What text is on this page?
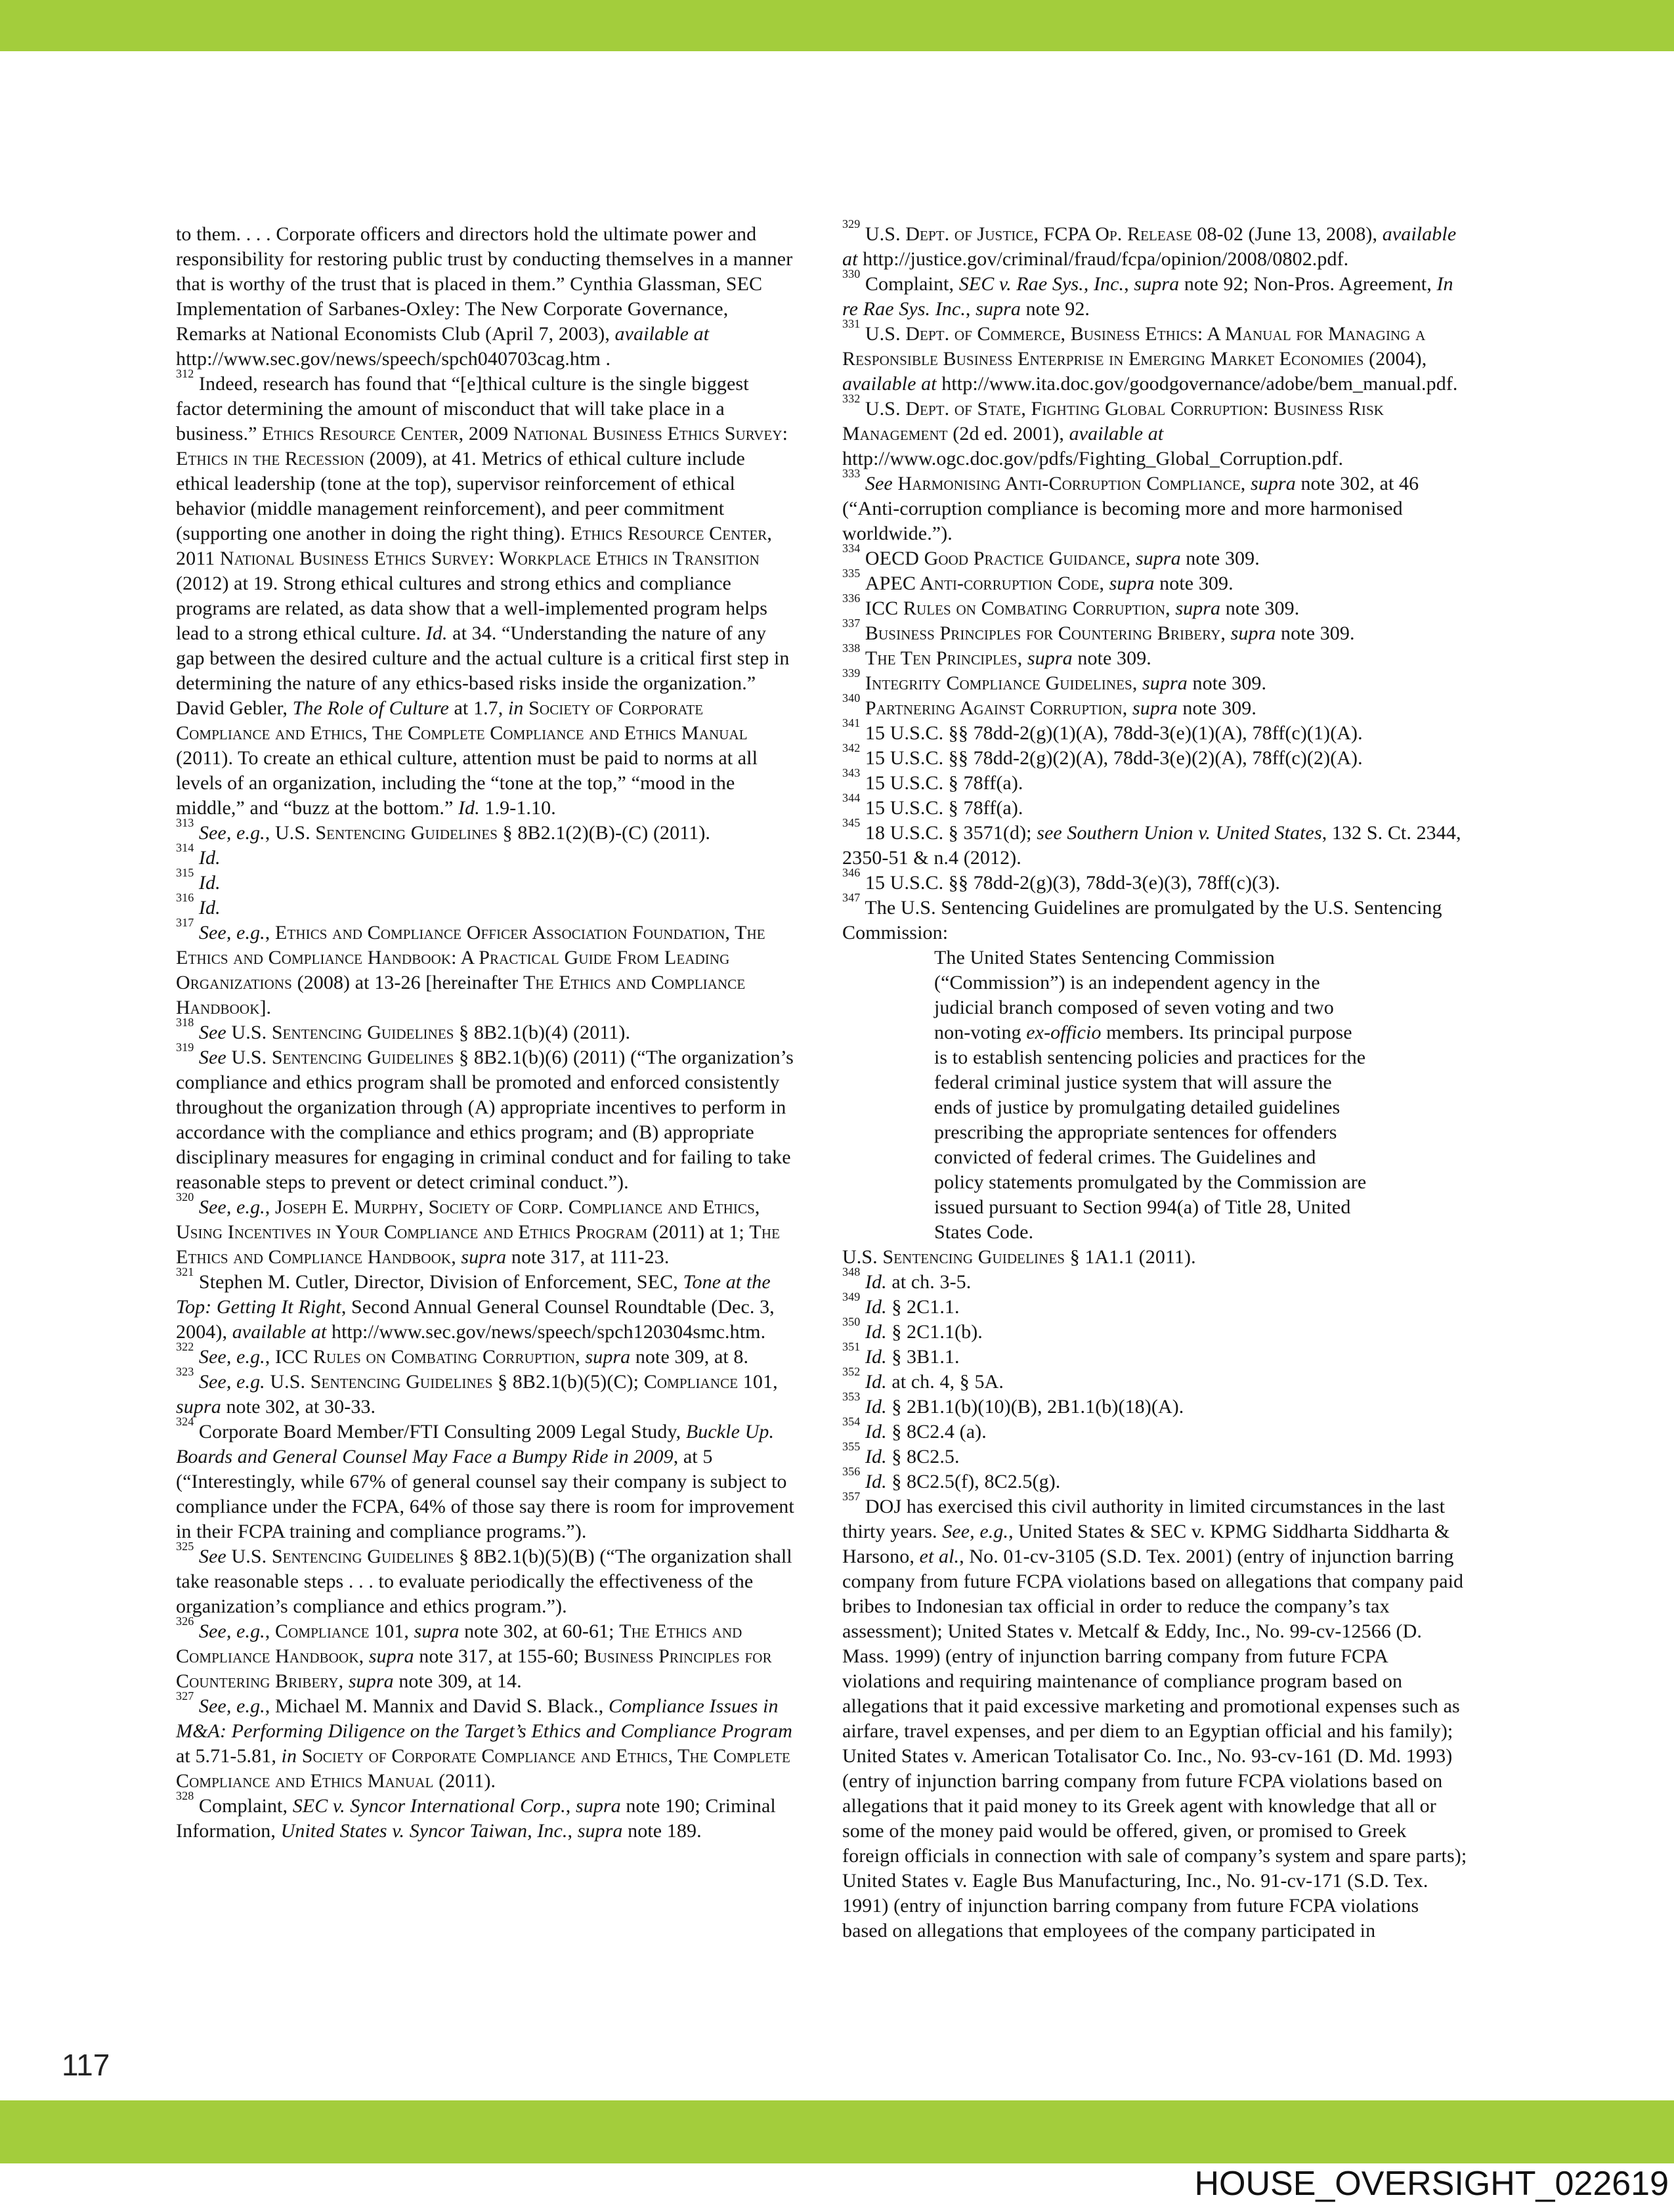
to them. . . . Corporate officers and directors hold the ultimate power and responsibility for restoring public trust by conducting themselves in a manner that is worthy of the trust that is placed in them.” Cynthia Glassman, SEC Implementation of Sarbanes-Oxley: The New Corporate Governance, Remarks at National Economists Club (April 7, 2003), available at http://www.sec.gov/news/speech/spch040703cag.htm .

$^{312}$ Indeed, research has found that “[e]thical culture is the single biggest factor determining the amount of misconduct that will take place in a business.” Ethics Resource Center, 2009 National Business Ethics Survey: Ethics in the Recession (2009), at 41. Metrics of ethical culture include ethical leadership (tone at the top), supervisor reinforcement of ethical behavior (middle management reinforcement), and peer commitment (supporting one another in doing the right thing). Ethics Resource Center, 2011 National Business Ethics Survey: Workplace Ethics in Transition (2012) at 19. Strong ethical cultures and strong ethics and compliance programs are related, as data show that a well-implemented program helps lead to a strong ethical culture. Id. at 34. “Understanding the nature of any gap between the desired culture and the actual culture is a critical first step in determining the nature of any ethics-based risks inside the organization.” David Gebler, The Role of Culture at 1.7, in Society of Corporate Compliance and Ethics, The Complete Compliance and Ethics Manual (2011). To create an ethical culture, attention must be paid to norms at all levels of an organization, including the “tone at the top,” “mood in the middle,” and “buzz at the bottom.” Id. 1.9-1.10.

$^{313}$ See, e.g., U.S. Sentencing Guidelines § 8B2.1(2)(B)-(C) (2011).

$^{314}$ Id.

$^{315}$ Id.

$^{316}$ Id.

$^{317}$ See, e.g., Ethics and Compliance Officer Association Foundation, The Ethics and Compliance Handbook: A Practical Guide From Leading Organizations (2008) at 13-26 [hereinafter The Ethics and Compliance Handbook].

$^{318}$ See U.S. Sentencing Guidelines § 8B2.1(b)(4) (2011).

$^{319}$ See U.S. Sentencing Guidelines § 8B2.1(b)(6) (2011) (“The organization’s compliance and ethics program shall be promoted and enforced consistently throughout the organization through (A) appropriate incentives to perform in accordance with the compliance and ethics program; and (B) appropriate disciplinary measures for engaging in criminal conduct and for failing to take reasonable steps to prevent or detect criminal conduct.”).

$^{320}$ See, e.g., Joseph E. Murphy, Society of Corp. Compliance and Ethics, Using Incentives in Your Compliance and Ethics Program (2011) at 1; The Ethics and Compliance Handbook, supra note 317, at 111-23.

$^{321}$ Stephen M. Cutler, Director, Division of Enforcement, SEC, Tone at the Top: Getting It Right, Second Annual General Counsel Roundtable (Dec. 3, 2004), available at http://www.sec.gov/news/speech/spch120304smc.htm.

$^{322}$ See, e.g., ICC Rules on Combating Corruption, supra note 309, at 8.

$^{323}$ See, e.g. U.S. Sentencing Guidelines § 8B2.1(b)(5)(C); Compliance 101, supra note 302, at 30-33.

$^{324}$ Corporate Board Member/FTI Consulting 2009 Legal Study, Buckle Up. Boards and General Counsel May Face a Bumpy Ride in 2009, at 5 (“Interestingly, while 67% of general counsel say their company is subject to compliance under the FCPA, 64% of those say there is room for improvement in their FCPA training and compliance programs.”).

$^{325}$ See U.S. Sentencing Guidelines § 8B2.1(b)(5)(B) (“The organization shall take reasonable steps . . . to evaluate periodically the effectiveness of the organization’s compliance and ethics program.”).

$^{326}$ See, e.g., Compliance 101, supra note 302, at 60-61; The Ethics and Compliance Handbook, supra note 317, at 155-60; Business Principles for Countering Bribery, supra note 309, at 14.

$^{327}$ See, e.g., Michael M. Mannix and David S. Black., Compliance Issues in M&A: Performing Diligence on the Target’s Ethics and Compliance Program at 5.71-5.81, in Society of Corporate Compliance and Ethics, The Complete Compliance and Ethics Manual (2011).

$^{328}$ Complaint, SEC v. Syncor International Corp., supra note 190; Criminal Information, United States v. Syncor Taiwan, Inc., supra note 189.

$^{329}$ U.S. Dept. of Justice, FCPA Op. Release 08-02 (June 13, 2008), available at http://justice.gov/criminal/fraud/fcpa/opinion/2008/0802.pdf.

$^{330}$ Complaint, SEC v. Rae Sys., Inc., supra note 92; Non-Pros. Agreement, In re Rae Sys. Inc., supra note 92.

$^{331}$ U.S. Dept. of Commerce, Business Ethics: A Manual for Managing a Responsible Business Enterprise in Emerging Market Economies (2004), available at http://www.ita.doc.gov/goodgovernance/adobe/bem_manual.pdf.

$^{332}$ U.S. Dept. of State, Fighting Global Corruption: Business Risk Management (2d ed. 2001), available at http://www.ogc.doc.gov/pdfs/Fighting_Global_Corruption.pdf.

$^{333}$ See Harmonising Anti-Corruption Compliance, supra note 302, at 46 (“Anti-corruption compliance is becoming more and more harmonised worldwide.”).

$^{334}$ OECD Good Practice Guidance, supra note 309.

$^{335}$ APEC Anti-corruption Code, supra note 309.

$^{336}$ ICC Rules on Combating Corruption, supra note 309.

$^{337}$ Business Principles for Countering Bribery, supra note 309.

$^{338}$ The Ten Principles, supra note 309.

$^{339}$ Integrity Compliance Guidelines, supra note 309.

$^{340}$ Partnering Against Corruption, supra note 309.

$^{341}$ 15 U.S.C. §§ 78dd-2(g)(1)(A), 78dd-3(e)(1)(A), 78ff(c)(1)(A).

$^{342}$ 15 U.S.C. §§ 78dd-2(g)(2)(A), 78dd-3(e)(2)(A), 78ff(c)(2)(A).

$^{343}$ 15 U.S.C. § 78ff(a).

$^{344}$ 15 U.S.C. § 78ff(a).

$^{345}$ 18 U.S.C. § 3571(d); see Southern Union v. United States, 132 S. Ct. 2344, 2350-51 & n.4 (2012).

$^{346}$ 15 U.S.C. §§ 78dd-2(g)(3), 78dd-3(e)(3), 78ff(c)(3).

$^{347}$ The U.S. Sentencing Guidelines are promulgated by the U.S. Sentencing Commission:

The United States Sentencing Commission (“Commission”) is an independent agency in the judicial branch composed of seven voting and two non-voting ex-officio members. Its principal purpose is to establish sentencing policies and practices for the federal criminal justice system that will assure the ends of justice by promulgating detailed guidelines prescribing the appropriate sentences for offenders convicted of federal crimes. The Guidelines and policy statements promulgated by the Commission are issued pursuant to Section 994(a) of Title 28, United States Code.

U.S. Sentencing Guidelines § 1A1.1 (2011).

$^{348}$ Id. at ch. 3-5.

$^{349}$ Id. § 2C1.1.

$^{350}$ Id. § 2C1.1(b).

$^{351}$ Id. § 3B1.1.

$^{352}$ Id. at ch. 4, § 5A.

$^{353}$ Id. § 2B1.1(b)(10)(B), 2B1.1(b)(18)(A).

$^{354}$ Id. § 8C2.4 (a).

$^{355}$ Id. § 8C2.5.

$^{356}$ Id. § 8C2.5(f), 8C2.5(g).

$^{357}$ DOJ has exercised this civil authority in limited circumstances in the last thirty years. See, e.g., United States & SEC v. KPMG Siddharta Siddharta & Harsono, et al., No. 01-cv-3105 (S.D. Tex. 2001) (entry of injunction barring company from future FCPA violations based on allegations that company paid bribes to Indonesian tax official in order to reduce the company’s tax assessment); United States v. Metcalf & Eddy, Inc., No. 99-cv-12566 (D. Mass. 1999) (entry of injunction barring company from future FCPA violations and requiring maintenance of compliance program based on allegations that it paid excessive marketing and promotional expenses such as airfare, travel expenses, and per diem to an Egyptian official and his family); United States v. American Totalisator Co. Inc., No. 93-cv-161 (D. Md. 1993) (entry of injunction barring company from future FCPA violations based on allegations that it paid money to its Greek agent with knowledge that all or some of the money paid would be offered, given, or promised to Greek foreign officials in connection with sale of company’s system and spare parts); United States v. Eagle Bus Manufacturing, Inc., No. 91-cv-171 (S.D. Tex. 1991) (entry of injunction barring company from future FCPA violations based on allegations that employees of the company participated in

117
HOUSE_OVERSIGHT_022619
